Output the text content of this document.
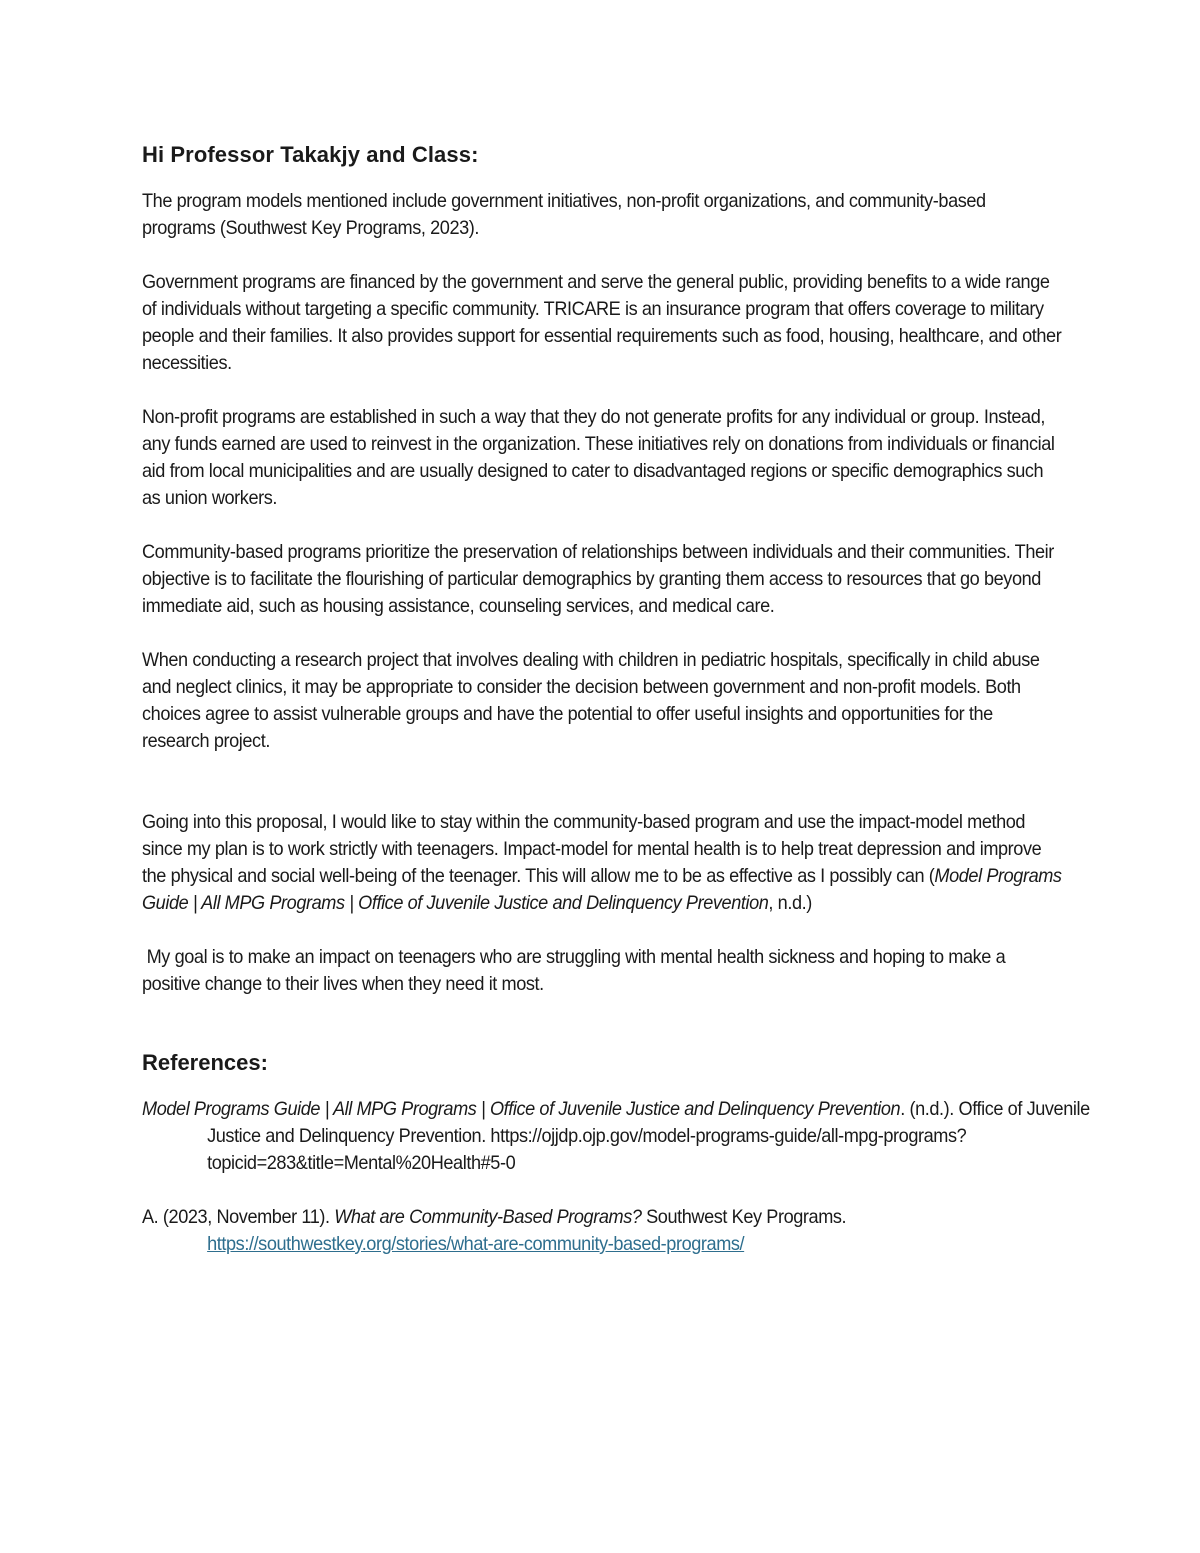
Hi Professor Takakjy and Class:

The program models mentioned include government initiatives, non-profit organizations, and community-based programs (Southwest Key Programs, 2023).

Government programs are financed by the government and serve the general public, providing benefits to a wide range of individuals without targeting a specific community. TRICARE is an insurance program that offers coverage to military people and their families. It also provides support for essential requirements such as food, housing, healthcare, and other necessities.

Non-profit programs are established in such a way that they do not generate profits for any individual or group. Instead, any funds earned are used to reinvest in the organization. These initiatives rely on donations from individuals or financial aid from local municipalities and are usually designed to cater to disadvantaged regions or specific demographics such as union workers.

Community-based programs prioritize the preservation of relationships between individuals and their communities. Their objective is to facilitate the flourishing of particular demographics by granting them access to resources that go beyond immediate aid, such as housing assistance, counseling services, and medical care.

When conducting a research project that involves dealing with children in pediatric hospitals, specifically in child abuse and neglect clinics, it may be appropriate to consider the decision between government and non-profit models. Both choices agree to assist vulnerable groups and have the potential to offer useful insights and opportunities for the research project.

Going into this proposal, I would like to stay within the community-based program and use the impact-model method since my plan is to work strictly with teenagers. Impact-model for mental health is to help treat depression and improve the physical and social well-being of the teenager. This will allow me to be as effective as I possibly can (Model Programs Guide | All MPG Programs | Office of Juvenile Justice and Delinquency Prevention, n.d.)

My goal is to make an impact on teenagers who are struggling with mental health sickness and hoping to make a positive change to their lives when they need it most.

References:

Model Programs Guide | All MPG Programs | Office of Juvenile Justice and Delinquency Prevention. (n.d.). Office of Juvenile Justice and Delinquency Prevention. https://ojjdp.ojp.gov/model-programs-guide/all-mpg-programs?topicid=283&title=Mental%20Health#5-0

A. (2023, November 11). What are Community-Based Programs? Southwest Key Programs. https://southwestkey.org/stories/what-are-community-based-programs/
